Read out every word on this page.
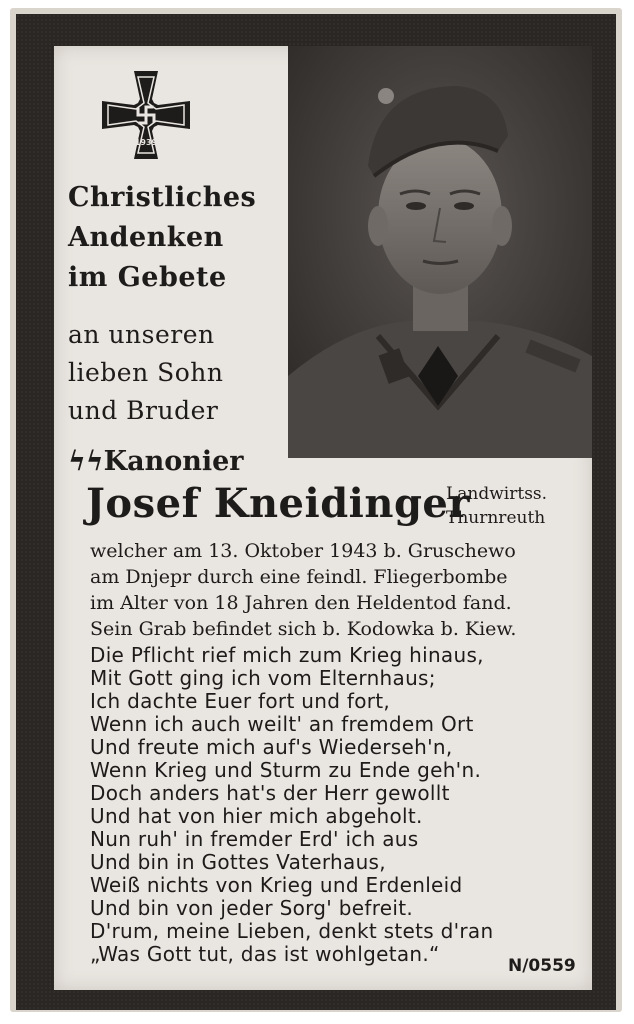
1939
Christliches
Andenken
im Gebete
an unseren
lieben Sohn
und Bruder
ϟϟKanonier
Josef Kneidinger
Landwirtss.
Thurnreuth
welcher am 13. Oktober 1943 b. Gruschewo
am Dnjepr durch eine feindl. Fliegerbombe
im Alter von 18 Jahren den Heldentod fand.
Sein Grab befindet sich b. Kodowka b. Kiew.
Die Pflicht rief mich zum Krieg hinaus,
Mit Gott ging ich vom Elternhaus;
Ich dachte Euer fort und fort,
Wenn ich auch weilt' an fremdem Ort
Und freute mich auf's Wiederseh'n,
Wenn Krieg und Sturm zu Ende geh'n.
Doch anders hat's der Herr gewollt
Und hat von hier mich abgeholt.
Nun ruh' in fremder Erd' ich aus
Und bin in Gottes Vaterhaus,
Weiß nichts von Krieg und Erdenleid
Und bin von jeder Sorg' befreit.
D'rum, meine Lieben, denkt stets d'ran
„Was Gott tut, das ist wohlgetan.“	N/0559
